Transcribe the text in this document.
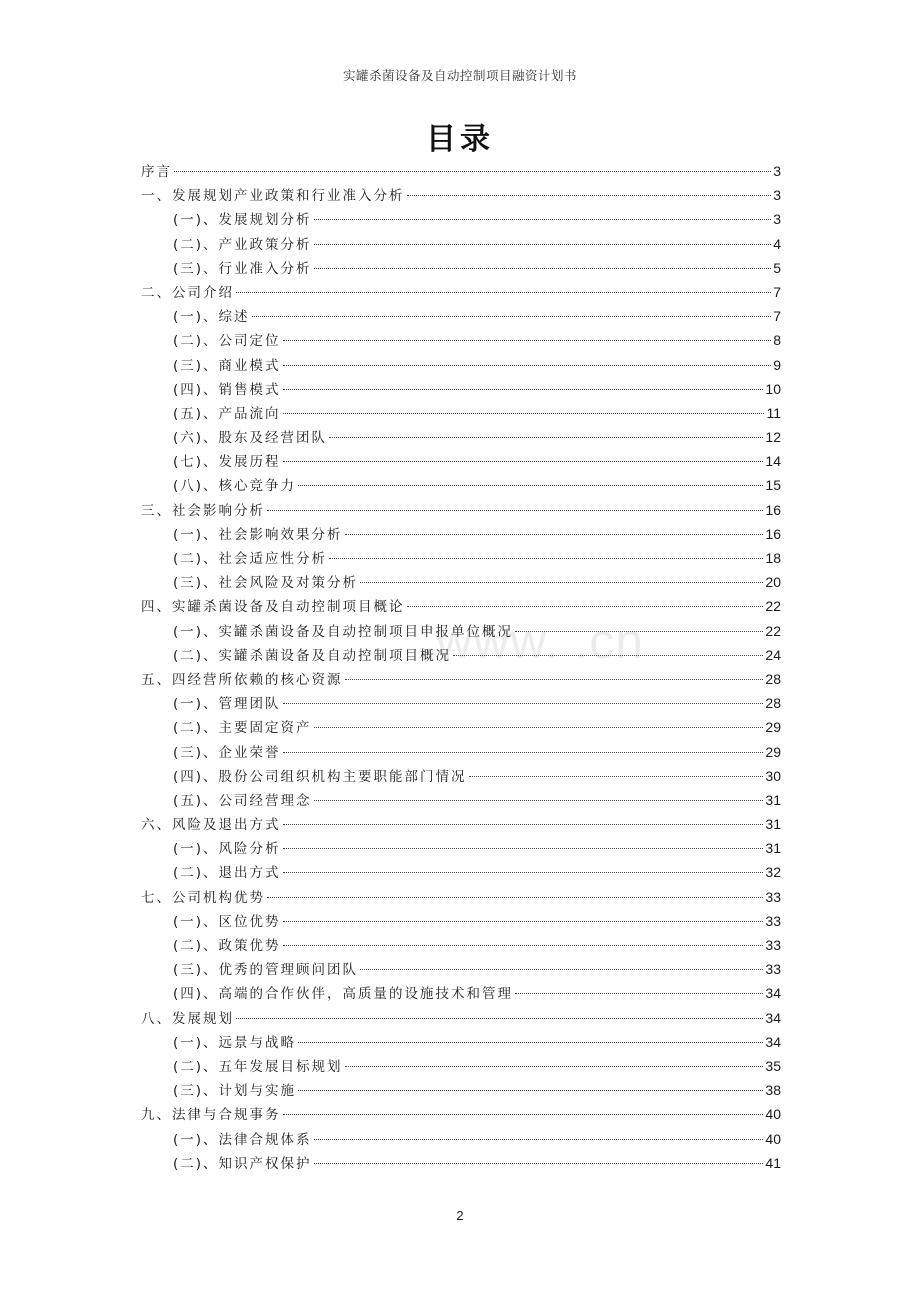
实罐杀菌设备及自动控制项目融资计划书
目录
www. .cn
序言	3
一、发展规划产业政策和行业准入分析	3
(一)、发展规划分析	3
(二)、产业政策分析	4
(三)、行业准入分析	5
二、公司介绍	7
(一)、综述	7
(二)、公司定位	8
(三)、商业模式	9
(四)、销售模式	10
(五)、产品流向	11
(六)、股东及经营团队	12
(七)、发展历程	14
(八)、核心竞争力	15
三、社会影响分析	16
(一)、社会影响效果分析	16
(二)、社会适应性分析	18
(三)、社会风险及对策分析	20
四、实罐杀菌设备及自动控制项目概论	22
(一)、实罐杀菌设备及自动控制项目申报单位概况	22
(二)、实罐杀菌设备及自动控制项目概况	24
五、四经营所依赖的核心资源	28
(一)、管理团队	28
(二)、主要固定资产	29
(三)、企业荣誉	29
(四)、股份公司组织机构主要职能部门情况	30
(五)、公司经营理念	31
六、风险及退出方式	31
(一)、风险分析	31
(二)、退出方式	32
七、公司机构优势	33
(一)、区位优势	33
(二)、政策优势	33
(三)、优秀的管理顾问团队	33
(四)、高端的合作伙伴，高质量的设施技术和管理	34
八、发展规划	34
(一)、远景与战略	34
(二)、五年发展目标规划	35
(三)、计划与实施	38
九、法律与合规事务	40
(一)、法律合规体系	40
(二)、知识产权保护	41
2
